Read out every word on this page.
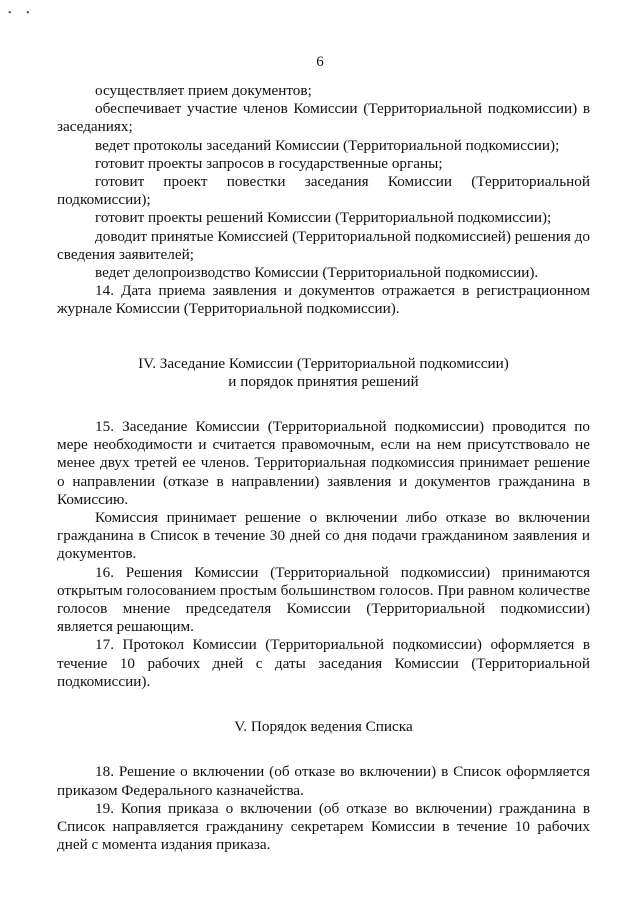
• •
6

осуществляет прием документов;

обеспечивает участие членов Комиссии (Территориальной подкомиссии) в заседаниях;

ведет протоколы заседаний Комиссии (Территориальной подкомиссии);

готовит проекты запросов в государственные органы;

готовит проект повестки заседания Комиссии (Территориальной подкомиссии);

готовит проекты решений Комиссии (Территориальной подкомиссии);

доводит принятые Комиссией (Территориальной подкомиссией) решения до сведения заявителей;

ведет делопроизводство Комиссии (Территориальной подкомиссии).

14. Дата приема заявления и документов отражается в регистрационном журнале Комиссии (Территориальной подкомиссии).

IV. Заседание Комиссии (Территориальной подкомиссии)

и порядок принятия решений

15. Заседание Комиссии (Территориальной подкомиссии) проводится по мере необходимости и считается правомочным, если на нем присутствовало не менее двух третей ее членов. Территориальная подкомиссия принимает решение о направлении (отказе в направлении) заявления и документов гражданина в Комиссию.

Комиссия принимает решение о включении либо отказе во включении гражданина в Список в течение 30 дней со дня подачи гражданином заявления и документов.

16. Решения Комиссии (Территориальной подкомиссии) принимаются открытым голосованием простым большинством голосов. При равном количестве голосов мнение председателя Комиссии (Территориальной подкомиссии) является решающим.

17. Протокол Комиссии (Территориальной подкомиссии) оформляется в течение 10 рабочих дней с даты заседания Комиссии (Территориальной подкомиссии).

V. Порядок ведения Списка

18. Решение о включении (об отказе во включении) в Список оформляется приказом Федерального казначейства.

19. Копия приказа о включении (об отказе во включении) гражданина в Список направляется гражданину секретарем Комиссии в течение 10 рабочих дней с момента издания приказа.
